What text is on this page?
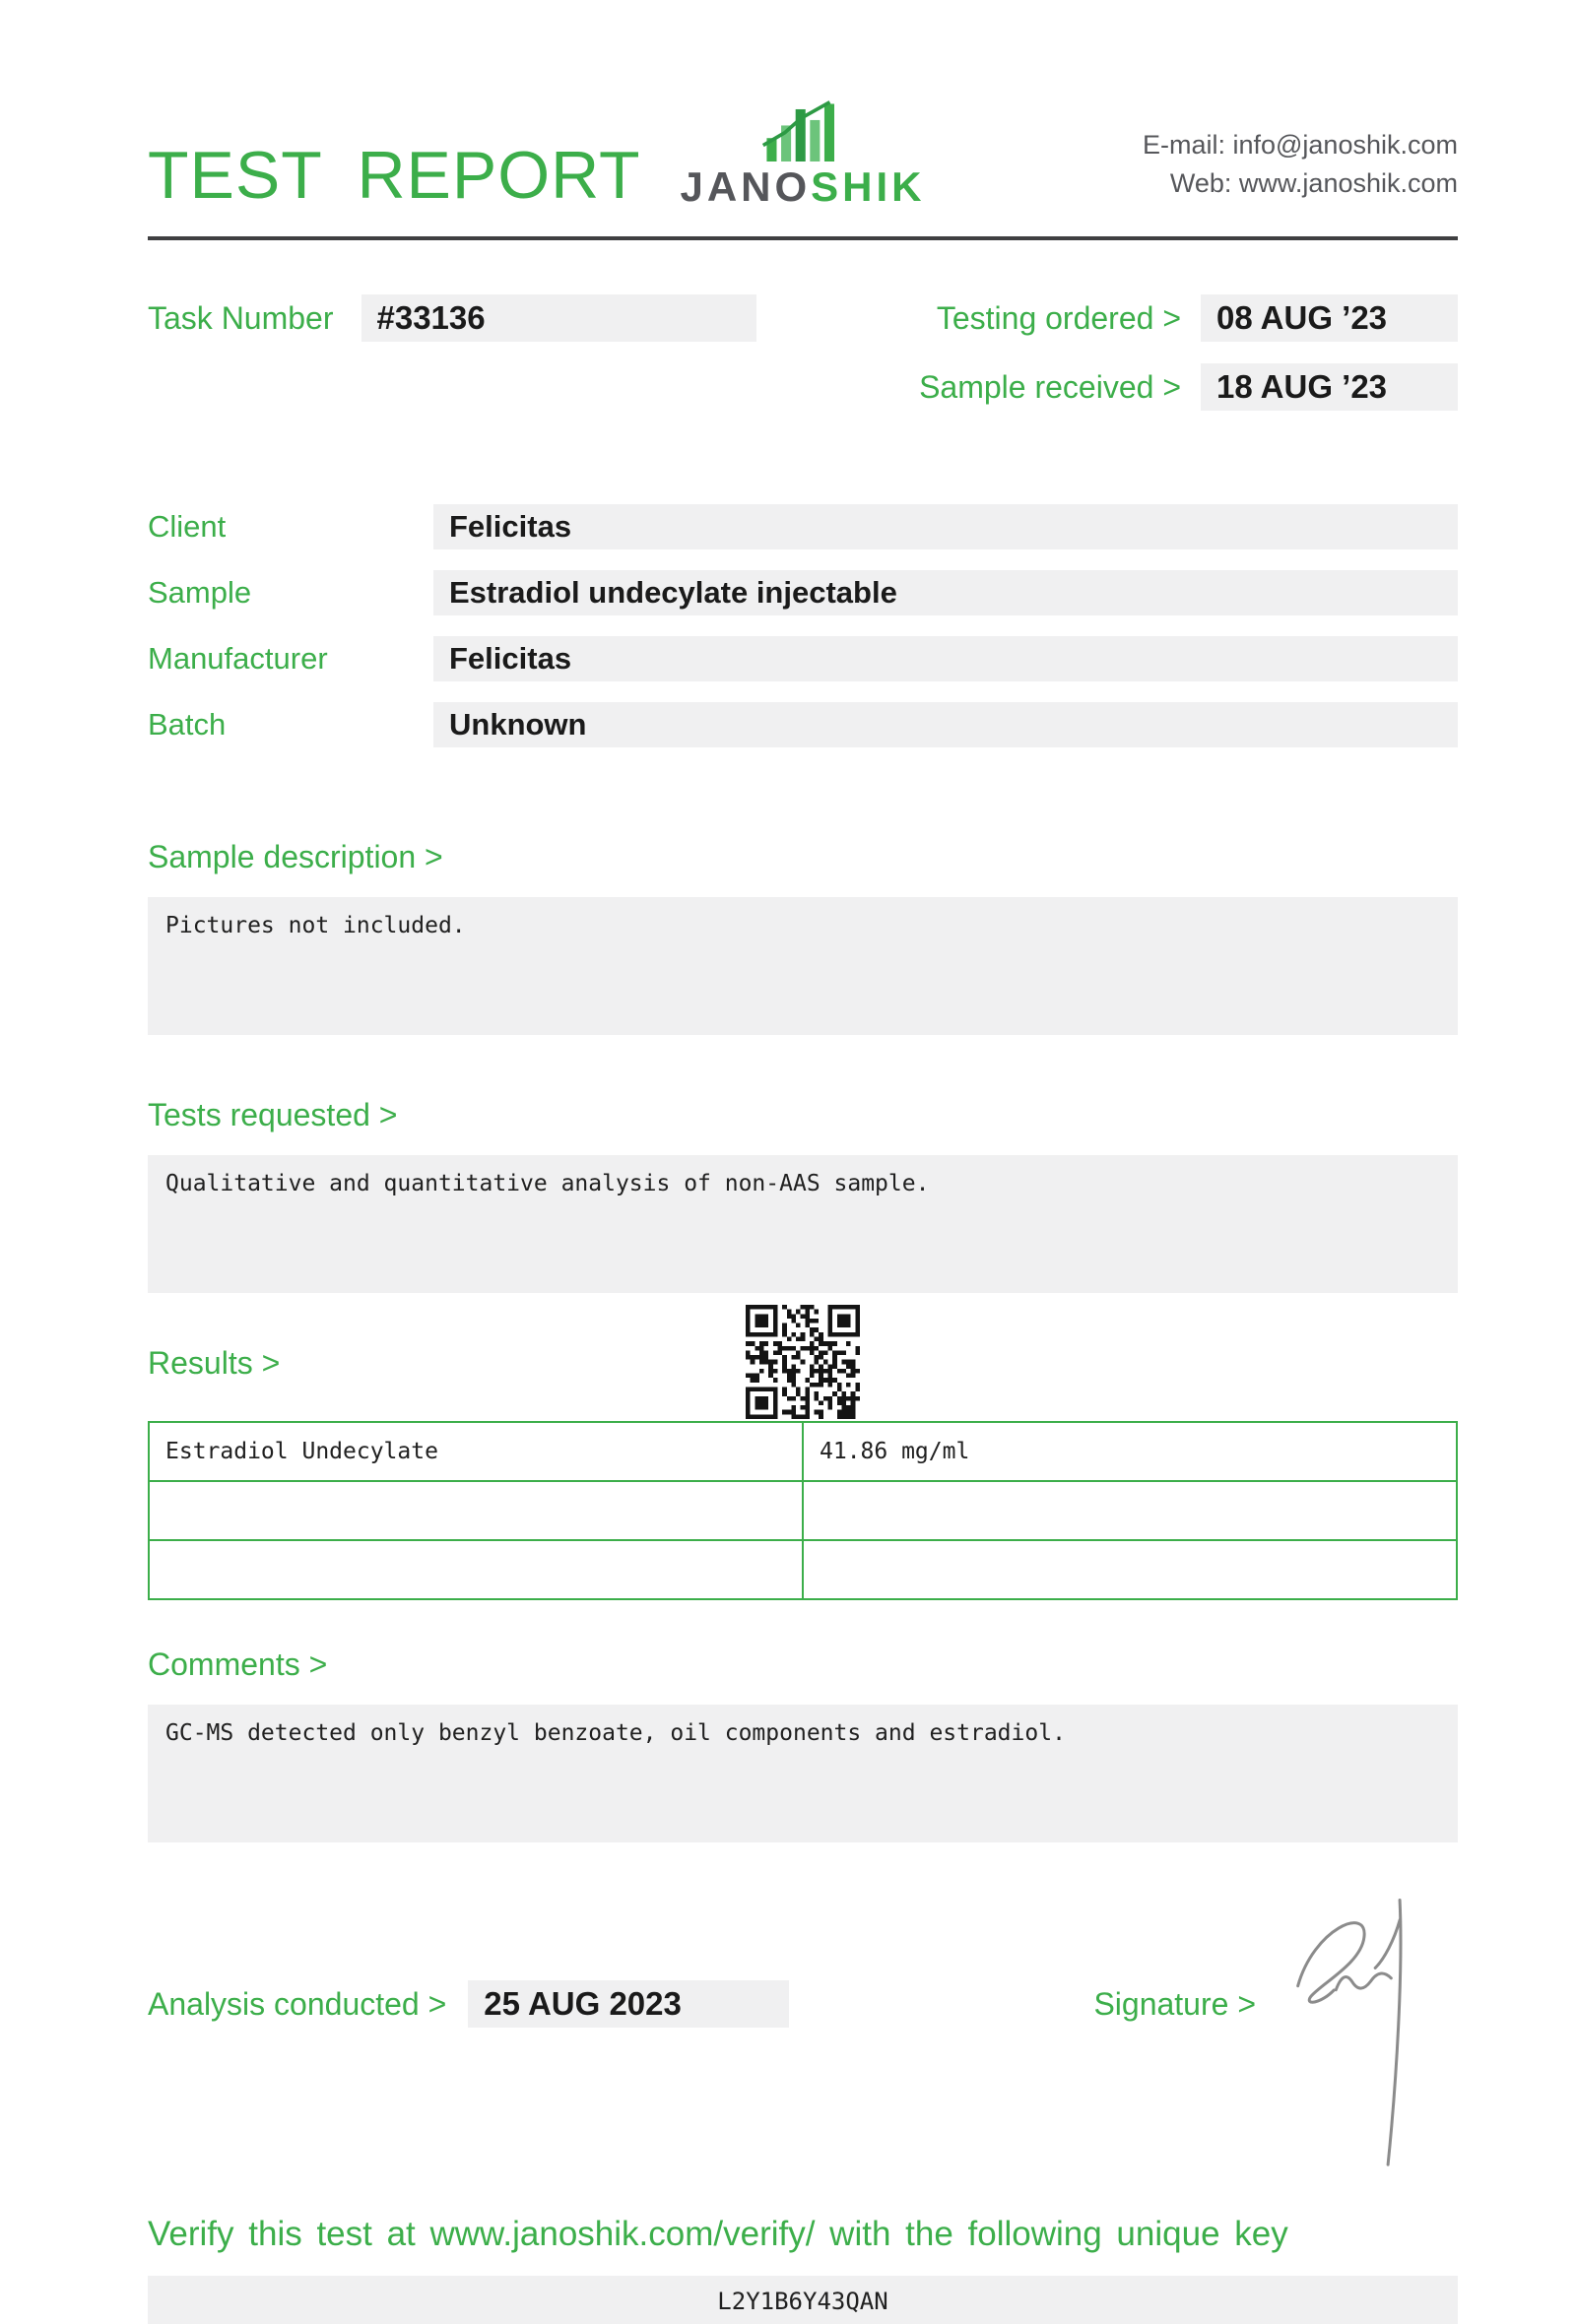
TEST REPORT JANOSHIK
E-mail: info@janoshik.com
Web: www.janoshik.com
Task Number	#33136	Testing ordered >	08 AUG ’23
Sample received >	18 AUG ’23
Client	Felicitas
Sample	Estradiol undecylate injectable
Manufacturer	Felicitas
Batch	Unknown
Sample description >
Pictures not included.
Tests requested >
Qualitative and quantitative analysis of non-AAS sample.
Results >
Estradiol Undecylate	41.86 mg/ml

Comments >
GC-MS detected only benzyl benzoate, oil components and estradiol.
Analysis conducted >	25 AUG 2023	Signature >
Verify this test at www.janoshik.com/verify/ with the following unique key
L2Y1B6Y43QAN
